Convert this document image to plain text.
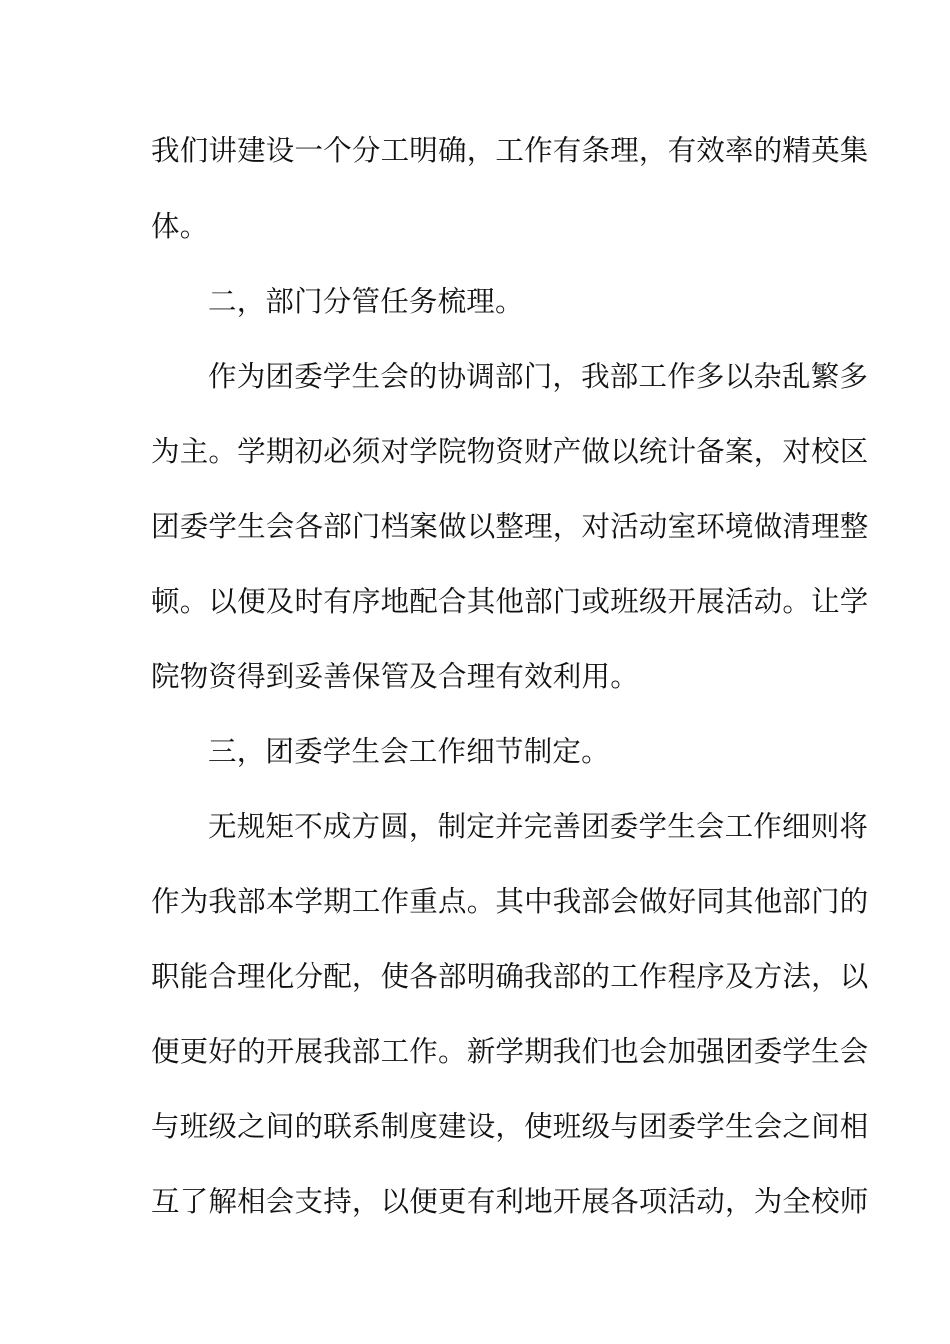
我们讲建设一个分工明确，工作有条理，有效率的精英集
体。
二，部门分管任务梳理。
作为团委学生会的协调部门，我部工作多以杂乱繁多
为主。学期初必须对学院物资财产做以统计备案，对校区
团委学生会各部门档案做以整理，对活动室环境做清理整
顿。以便及时有序地配合其他部门或班级开展活动。让学
院物资得到妥善保管及合理有效利用。
三，团委学生会工作细节制定。
无规矩不成方圆，制定并完善团委学生会工作细则将
作为我部本学期工作重点。其中我部会做好同其他部门的
职能合理化分配，使各部明确我部的工作程序及方法，以
便更好的开展我部工作。新学期我们也会加强团委学生会
与班级之间的联系制度建设，使班级与团委学生会之间相
互了解相会支持，以便更有利地开展各项活动，为全校师
